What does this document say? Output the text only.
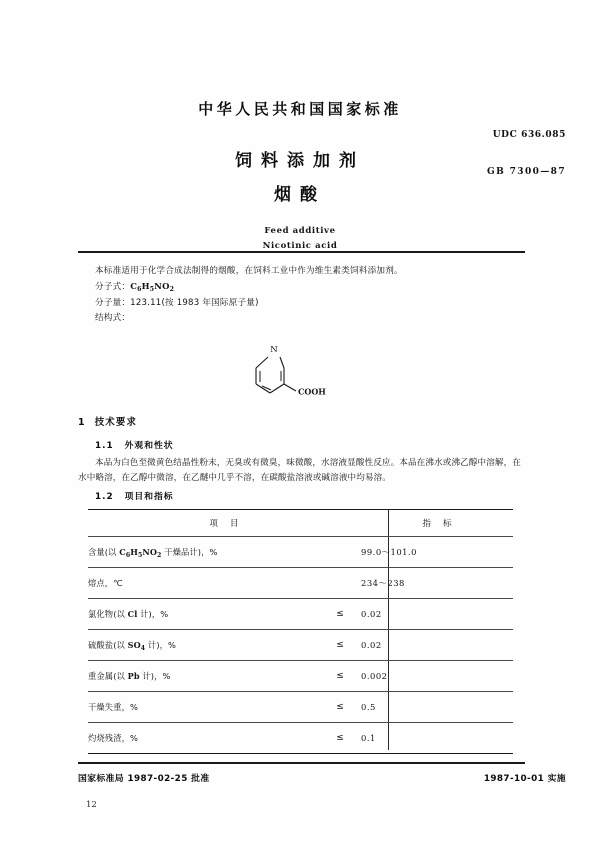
中华人民共和国国家标准
饲料添加剂
烟酸
Feed additive
Nicotinic acid
UDC 636.085
GB 7300—87
本标准适用于化学合成法制得的烟酸，在饲料工业中作为维生素类饲料添加剂。
分子式：$C_6H_5NO_2$
分子量：123.11(按 1983 年国际原子量)
结构式：
N
COOH
1 技术要求
1.1 外观和性状
本品为白色至微黄色结晶性粉末，无臭或有微臭，味微酸，水溶液显酸性反应。本品在沸水或沸乙醇中溶解，在水中略溶，在乙醇中微溶，在乙醚中几乎不溶，在碳酸盐溶液或碱溶液中均易溶。
1.2 项目和指标
项目		指标
含量(以 $C_6H_5NO_2$ 干燥品计)，%			99.0～101.0
熔点，℃			234～238
氯化物(以 Cl 计)，%	≤		0.02
硫酸盐(以 $SO_4$ 计)，%	≤		0.02
重金属(以 Pb 计)，%	≤		0.002
干燥失重，%	≤		0.5
灼烧残渣，%	≤		0.1

国家标准局 1987-02-25 批准	1987-10-01 实施
12
